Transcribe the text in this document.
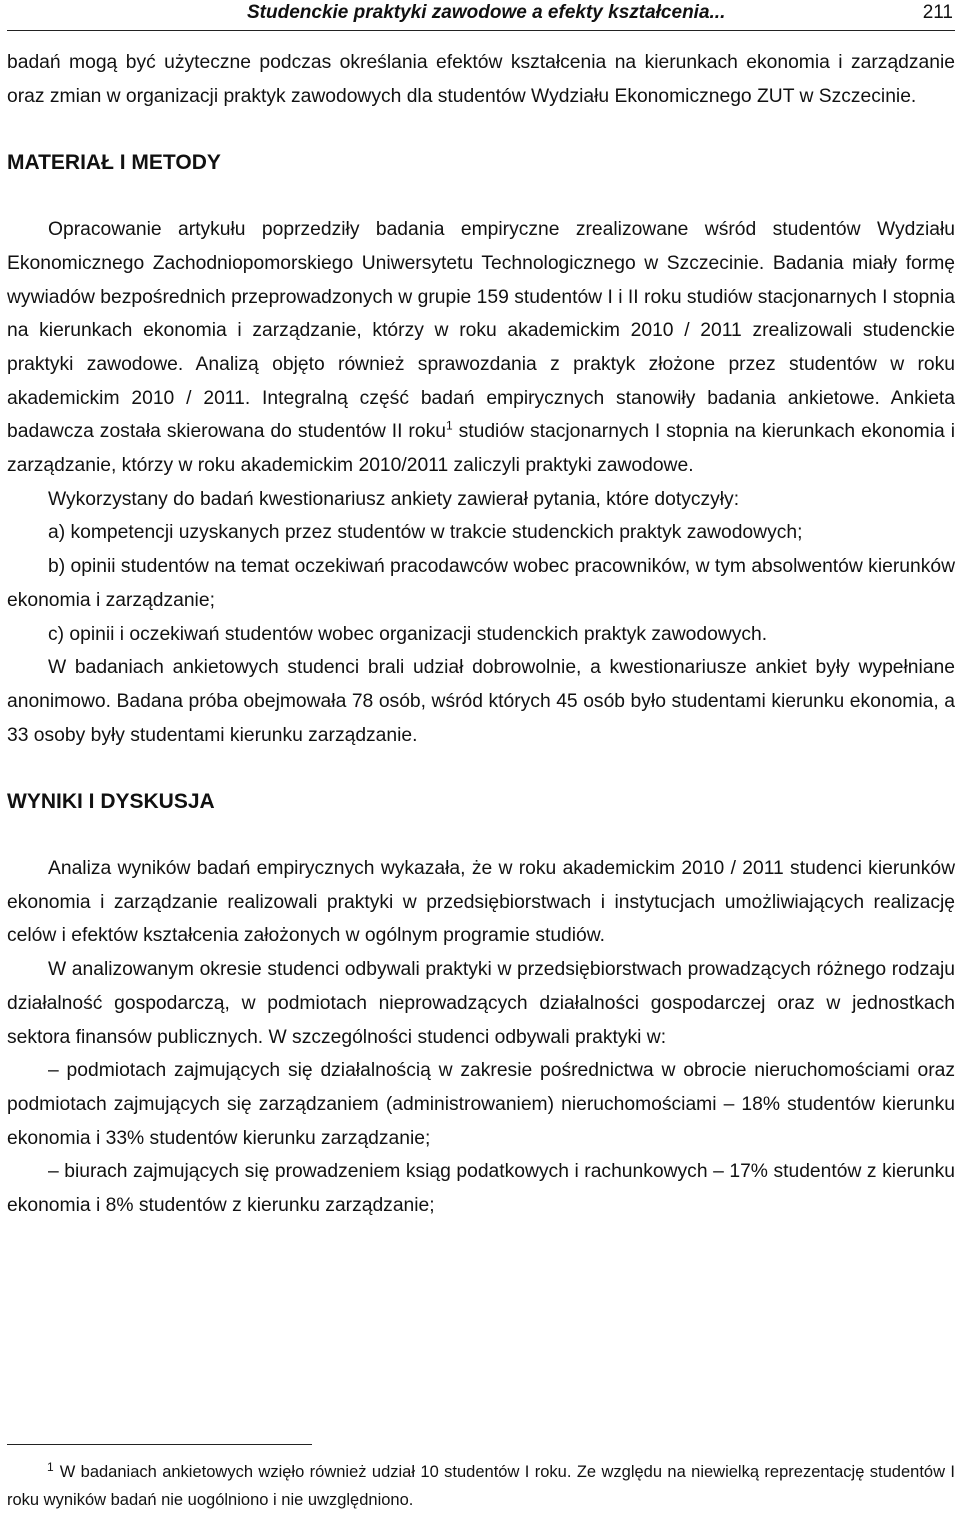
Studenckie praktyki zawodowe a efekty kształcenia...	211

badań mogą być użyteczne podczas określania efektów kształcenia na kierunkach ekonomia i zarządzanie oraz zmian w organizacji praktyk zawodowych dla studentów Wydziału Ekonomicznego ZUT w Szczecinie.

MATERIAŁ I METODY

Opracowanie artykułu poprzedziły badania empiryczne zrealizowane wśród studentów Wydziału Ekonomicznego Zachodniopomorskiego Uniwersytetu Technologicznego w Szczecinie. Badania miały formę wywiadów bezpośrednich przeprowadzonych w grupie 159 studentów I i II roku studiów stacjonarnych I stopnia na kierunkach ekonomia i zarządzanie, którzy w roku akademickim 2010 / 2011 zrealizowali studenckie praktyki zawodowe. Analizą objęto również sprawozdania z praktyk złożone przez studentów w roku akademickim 2010 / 2011. Integralną część badań empirycznych stanowiły badania ankietowe. Ankieta badawcza została skierowana do studentów II roku$^1$ studiów stacjonarnych I stopnia na kierunkach ekonomia i zarządzanie, którzy w roku akademickim 2010/2011 zaliczyli praktyki zawodowe.

Wykorzystany do badań kwestionariusz ankiety zawierał pytania, które dotyczyły:

a) kompetencji uzyskanych przez studentów w trakcie studenckich praktyk zawodowych;

b) opinii studentów na temat oczekiwań pracodawców wobec pracowników, w tym absolwentów kierunków ekonomia i zarządzanie;

c) opinii i oczekiwań studentów wobec organizacji studenckich praktyk zawodowych.

W badaniach ankietowych studenci brali udział dobrowolnie, a kwestionariusze ankiet były wypełniane anonimowo. Badana próba obejmowała 78 osób, wśród których 45 osób było studentami kierunku ekonomia, a 33 osoby były studentami kierunku zarządzanie.

WYNIKI I DYSKUSJA

Analiza wyników badań empirycznych wykazała, że w roku akademickim 2010 / 2011 studenci kierunków ekonomia i zarządzanie realizowali praktyki w przedsiębiorstwach i instytucjach umożliwiających realizację celów i efektów kształcenia założonych w ogólnym programie studiów.

W analizowanym okresie studenci odbywali praktyki w przedsiębiorstwach prowadzących różnego rodzaju działalność gospodarczą, w podmiotach nieprowadzących działalności gospodarczej oraz w jednostkach sektora finansów publicznych. W szczególności studenci odbywali praktyki w:

– podmiotach zajmujących się działalnością w zakresie pośrednictwa w obrocie nieruchomościami oraz podmiotach zajmujących się zarządzaniem (administrowaniem) nieruchomościami – 18% studentów kierunku ekonomia i 33% studentów kierunku zarządzanie;

– biurach zajmujących się prowadzeniem ksiąg podatkowych i rachunkowych – 17% studentów z kierunku ekonomia i 8% studentów z kierunku zarządzanie;

$^1$ W badaniach ankietowych wzięło również udział 10 studentów I roku. Ze względu na niewielką reprezentację studentów I roku wyników badań nie uogólniono i nie uwzględniono.
